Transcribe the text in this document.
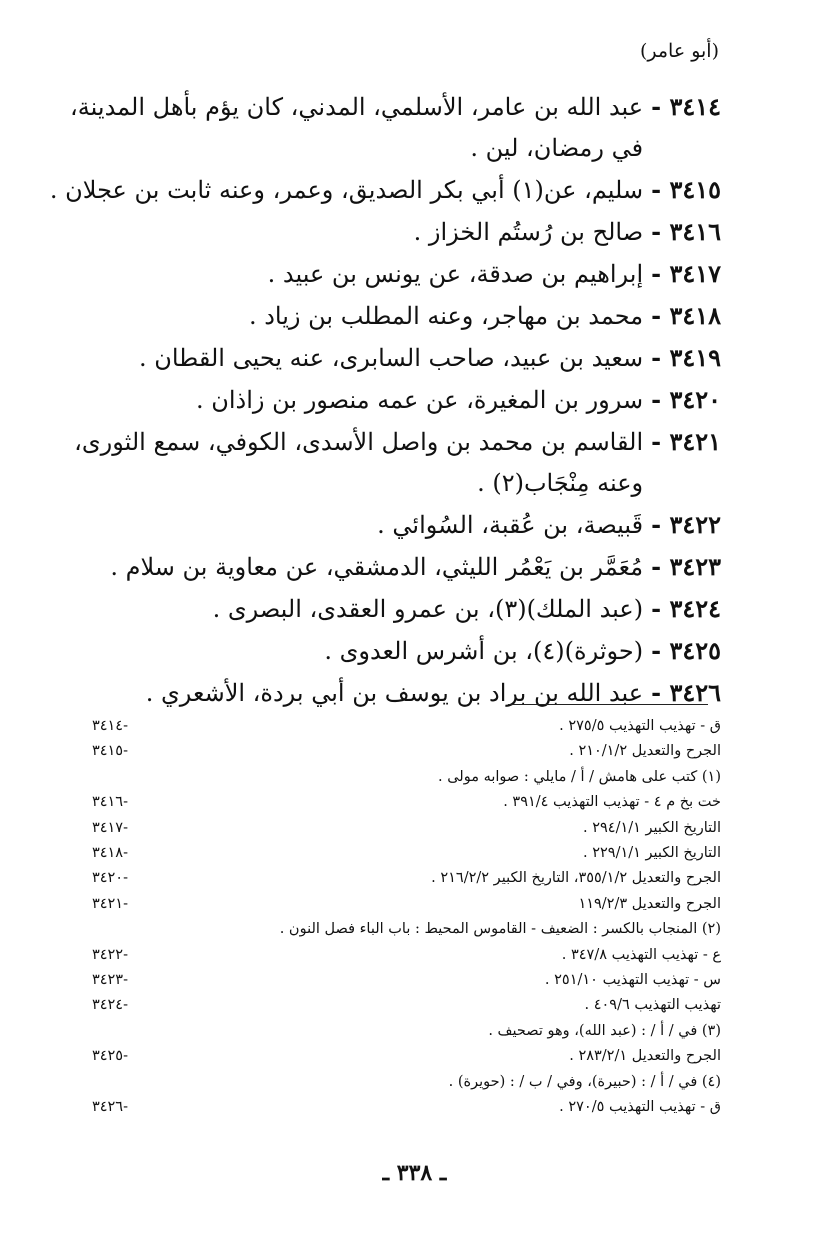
(أبو عامر)
٣٤١٤ -
عبد الله بن عامر، الأسلمي، المدني، كان يؤم بأهل المدينة، في رمضان، لين .
٣٤١٥ -
سليم، عن(١) أبي بكر الصديق، وعمر، وعنه ثابت بن عجلان .
٣٤١٦ -
صالح بن رُستُم الخزاز .
٣٤١٧ -
إبراهيم بن صدقة، عن يونس بن عبيد .
٣٤١٨ -
محمد بن مهاجر، وعنه المطلب بن زياد .
٣٤١٩ -
سعيد بن عبيد، صاحب السابرى، عنه يحيى القطان .
٣٤٢٠ -
سرور بن المغيرة، عن عمه منصور بن زاذان .
٣٤٢١ -
القاسم بن محمد بن واصل الأسدى، الكوفي، سمع الثورى، وعنه مِنْجَاب(٢) .
٣٤٢٢ -
قَبيصة، بن عُقبة، السُوائي .
٣٤٢٣ -
مُعَمَّر بن يَعْمُر الليثي، الدمشقي، عن معاوية بن سلام .
٣٤٢٤ -
(عبد الملك)(٣)، بن عمرو العقدى، البصرى .
٣٤٢٥ -
(حوثرة)(٤)، بن أشرس العدوى .
٣٤٢٦ -
عبد الله بن براد بن يوسف بن أبي بردة، الأشعري .
ق - تهذيب التهذيب ٢٧٥/٥ .
-٣٤١٤
الجرح والتعديل ٢١٠/١/٢ .
-٣٤١٥
(١) كتب على هامش / أ / مايلي : صوابه مولى .
خت بخ م ٤ - تهذيب التهذيب ٣٩١/٤ .
-٣٤١٦
التاريخ الكبير ٢٩٤/١/١ .
-٣٤١٧
التاريخ الكبير ٢٢٩/١/١ .
-٣٤١٨
الجرح والتعديل ٣٥٥/١/٢، التاريخ الكبير ٢١٦/٢/٢ .
-٣٤٢٠
الجرح والتعديل ١١٩/٢/٣
-٣٤٢١
(٢) المنجاب بالكسر : الضعيف - القاموس المحيط : باب الباء فصل النون .
ع - تهذيب التهذيب ٣٤٧/٨ .
-٣٤٢٢
س - تهذيب التهذيب ٢٥١/١٠ .
-٣٤٢٣
تهذيب التهذيب ٤٠٩/٦ .
-٣٤٢٤
(٣) في / أ / : (عبد الله)، وهو تصحيف .
الجرح والتعديل ٢٨٣/٢/١ .
-٣٤٢٥
(٤) في / أ / : (حبيرة)، وفي / ب / : (حويرة) .
ق - تهذيب التهذيب ٢٧٠/٥ .
-٣٤٢٦
ـ ٣٣٨ ـ
